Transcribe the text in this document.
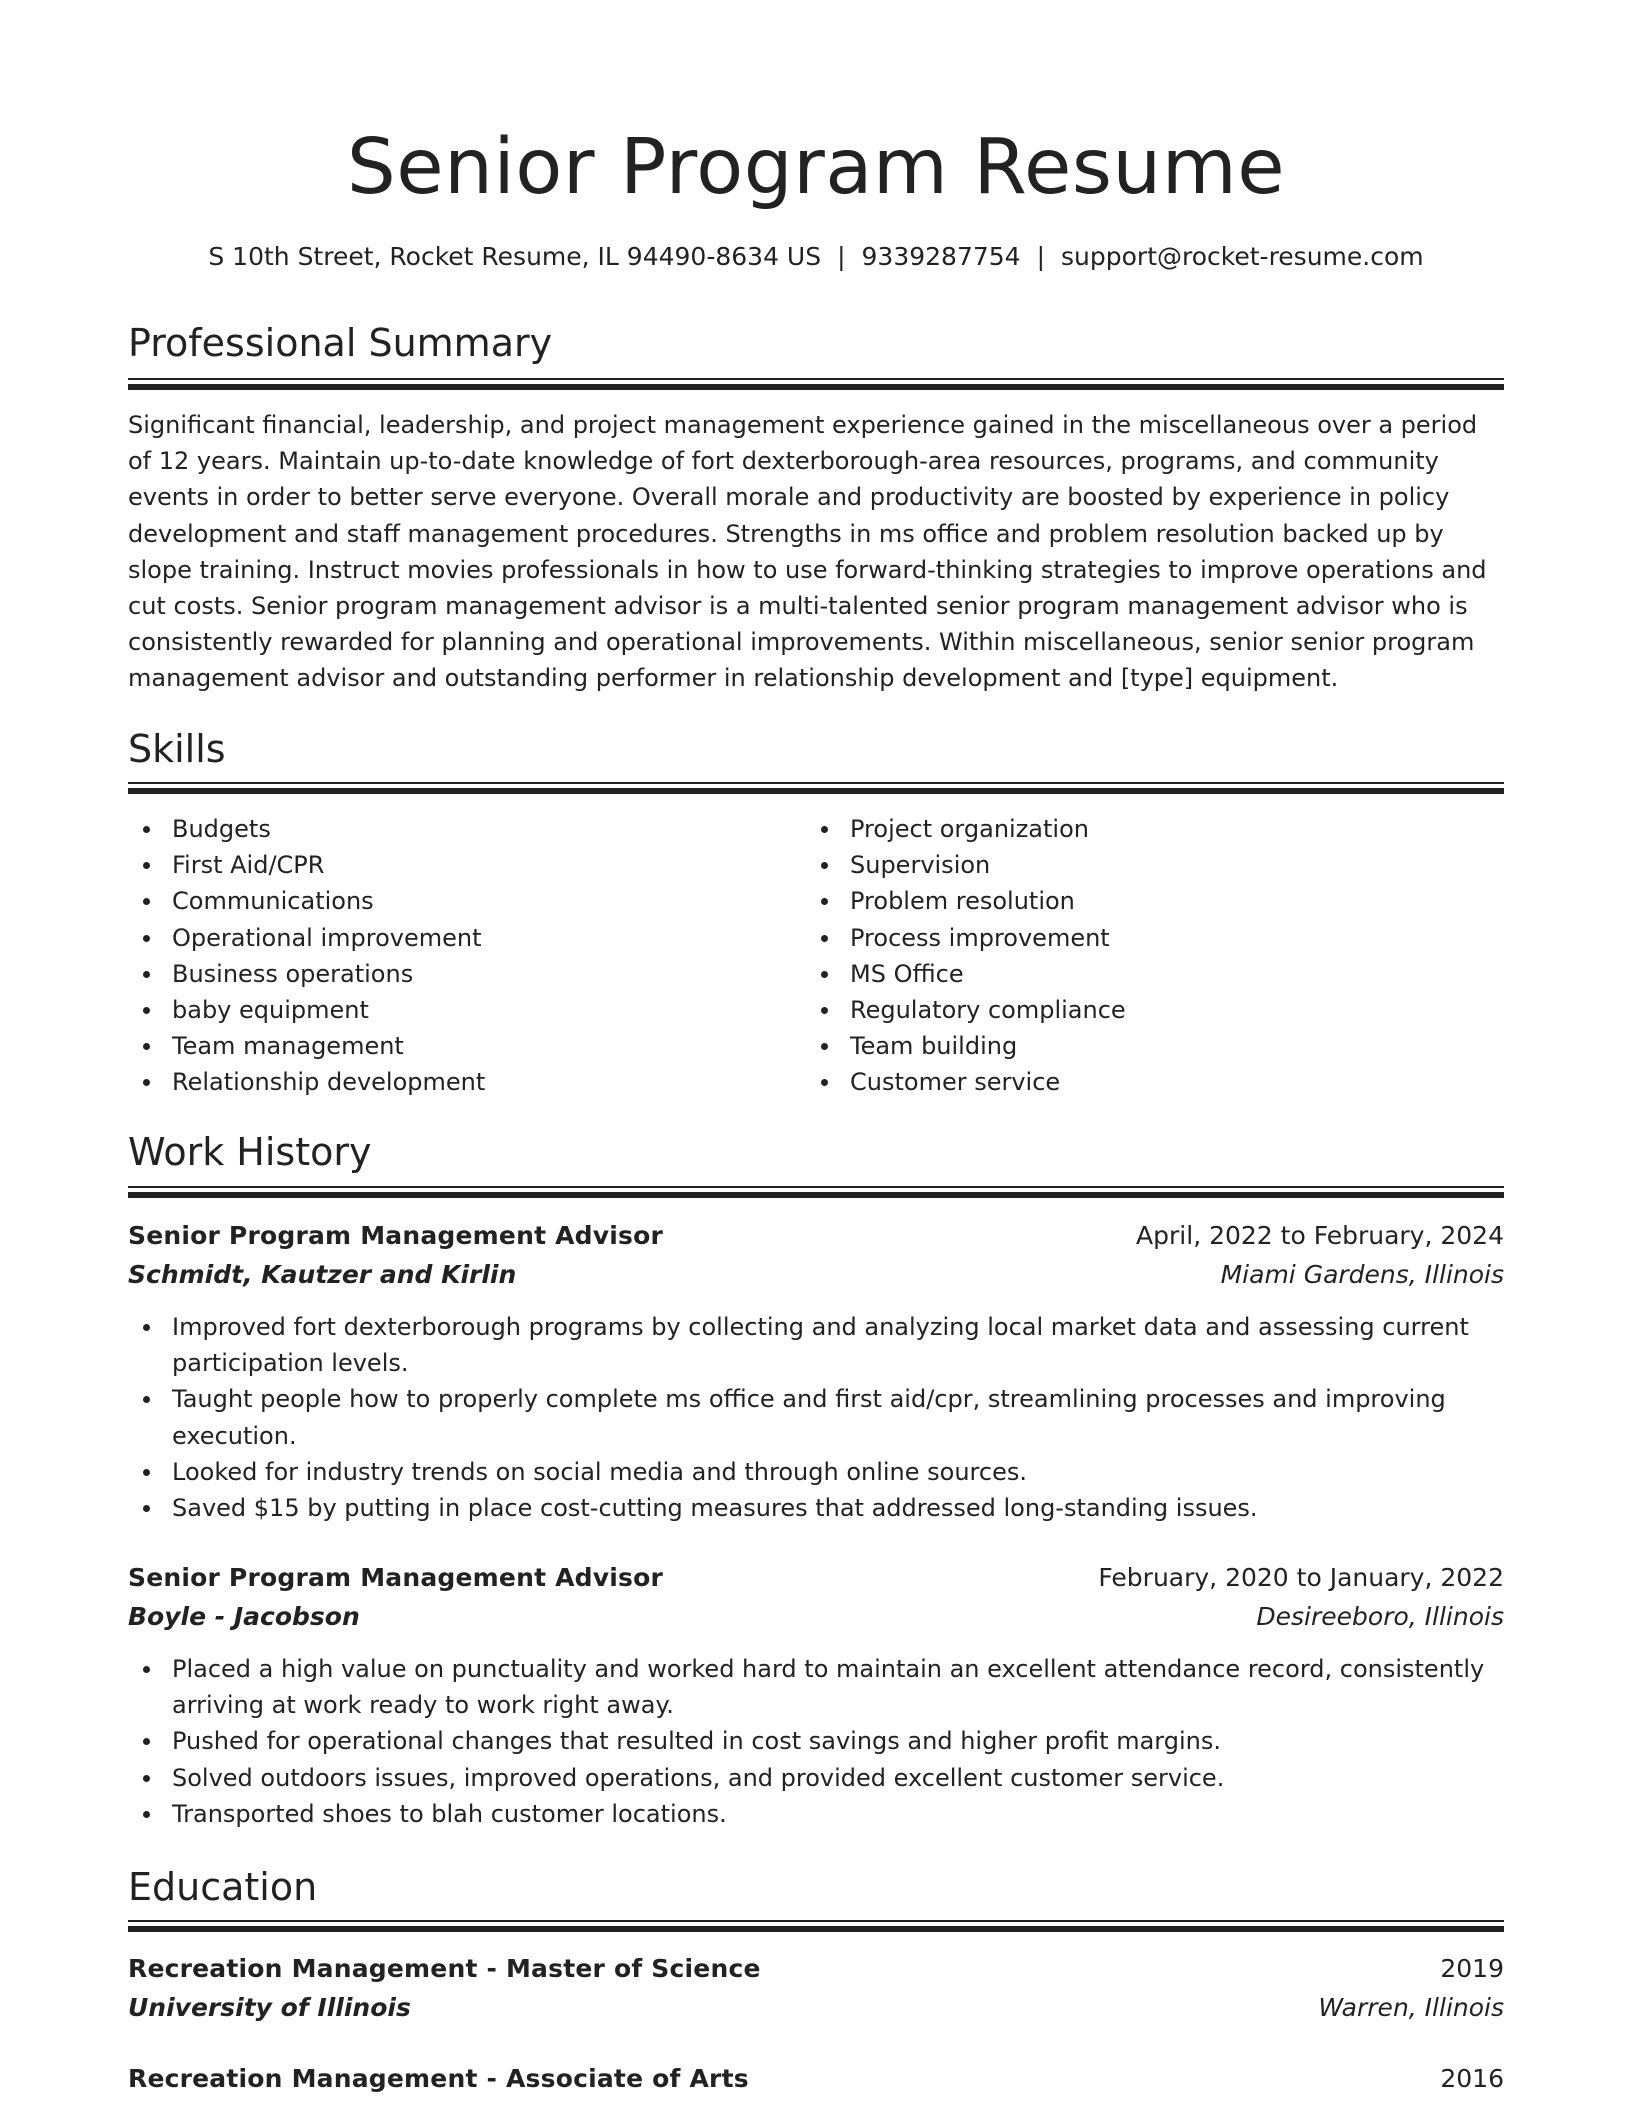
Senior Program Resume
S 10th Street, Rocket Resume, IL 94490-8634 US | 9339287754 | support@rocket-resume.com
Professional Summary

Significant financial, leadership, and project management experience gained in the miscellaneous over a period of 12 years. Maintain up-to-date knowledge of fort dexterborough-area resources, programs, and community events in order to better serve everyone. Overall morale and productivity are boosted by experience in policy development and staff management procedures. Strengths in ms office and problem resolution backed up by slope training. Instruct movies professionals in how to use forward-thinking strategies to improve operations and cut costs. Senior program management advisor is a multi-talented senior program management advisor who is consistently rewarded for planning and operational improvements. Within miscellaneous, senior senior program management advisor and outstanding performer in relationship development and [type] equipment.

Skills
Budgets
First Aid/CPR
Communications
Operational improvement
Business operations
baby equipment
Team management
Relationship development
Project organization
Supervision
Problem resolution
Process improvement
MS Office
Regulatory compliance
Team building
Customer service
Work History
Senior Program Management Advisor	April, 2022 to February, 2024
Schmidt, Kautzer and Kirlin	Miami Gardens, Illinois
Improved fort dexterborough programs by collecting and analyzing local market data and assessing current participation levels.
Taught people how to properly complete ms office and first aid/cpr, streamlining processes and improving execution.
Looked for industry trends on social media and through online sources.
Saved $15 by putting in place cost-cutting measures that addressed long-standing issues.
Senior Program Management Advisor	February, 2020 to January, 2022
Boyle - Jacobson	Desireeboro, Illinois
Placed a high value on punctuality and worked hard to maintain an excellent attendance record, consistently arriving at work ready to work right away.
Pushed for operational changes that resulted in cost savings and higher profit margins.
Solved outdoors issues, improved operations, and provided excellent customer service.
Transported shoes to blah customer locations.
Education
Recreation Management - Master of Science	2019
University of Illinois	Warren, Illinois
Recreation Management - Associate of Arts	2016
